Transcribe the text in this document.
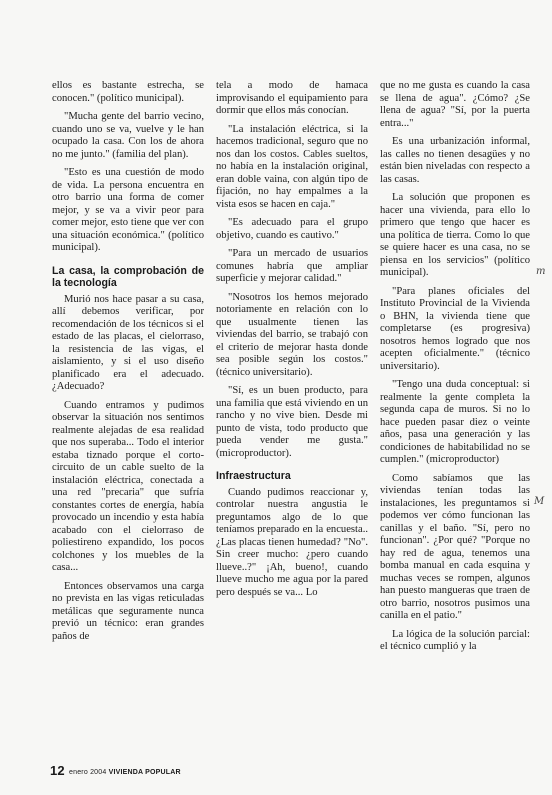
ellos es bastante estrecha, se conocen." (político municipal).

"Mucha gente del barrio vecino, cuando uno se va, vuelve y le han ocupado la casa. Con los de ahora no me junto." (familia del plan).

"Esto es una cuestión de modo de vida. La persona encuentra en otro barrio una forma de comer mejor, y se va a vivir peor para comer mejor, esto tiene que ver con una situación económica." (político municipal).

La casa, la comprobación de la tecnología

Murió nos hace pasar a su casa, allí debemos verificar, por recomendación de los técnicos si el estado de las placas, el cielorraso, la resistencia de las vigas, el aislamiento, y si el uso diseño planificado era el adecuado. ¿Adecuado?

Cuando entramos y pudimos observar la situación nos sentimos realmente alejadas de esa realidad que nos superaba... Todo el interior estaba tiznado porque el corto-circuito de un cable suelto de la instalación eléctrica, conectada a una red "precaria" que sufría constantes cortes de energía, había provocado un incendio y esta había acabado con el cielorraso de poliestireno expandido, los pocos colchones y los muebles de la casa...

Entonces observamos una carga no prevista en las vigas reticuladas metálicas que seguramente nunca previó un técnico: eran grandes paños de

tela a modo de hamaca improvisando el equipamiento para dormir que ellos más conocían.

"La instalación eléctrica, si la hacemos tradicional, seguro que no nos dan los costos. Cables sueltos, no había en la instalación original, eran doble vaina, con algún tipo de fijación, no hay empalmes a la vista esos se hacen en caja."

"Es adecuado para el grupo objetivo, cuando es cautivo."

"Para un mercado de usuarios comunes habría que ampliar superficie y mejorar calidad."

"Nosotros los hemos mejorado notoriamente en relación con lo que usualmente tienen las viviendas del barrio, se trabajó con el criterio de mejorar hasta donde sea posible según los costos." (técnico universitario).

"Sí, es un buen producto, para una familia que está viviendo en un rancho y no vive bien. Desde mi punto de vista, todo producto que pueda vender me gusta." (microproductor).

Infraestructura

Cuando pudimos reaccionar y, controlar nuestra angustia le preguntamos algo de lo que teníamos preparado en la encuesta.. ¿Las placas tienen humedad? "No". Sin creer mucho: ¿pero cuando llueve..?" ¡Ah, bueno!, cuando llueve mucho me agua por la pared pero después se va... Lo

que no me gusta es cuando la casa se llena de agua". ¿Cómo? ¿Se llena de agua? "Sí, por la puerta entra..."

Es una urbanización informal, las calles no tienen desagües y no están bien niveladas con respecto a las casas.

La solución que proponen es hacer una vivienda, para ello lo primero que tengo que hacer es una política de tierra. Como lo que se quiere hacer es una casa, no se piensa en los servicios" (político municipal).

"Para planes oficiales del Instituto Provincial de la Vivienda o BHN, la vivienda tiene que completarse (es progresiva) nosotros hemos logrado que nos acepten oficialmente." (técnico universitario).

"Tengo una duda conceptual: si realmente la gente completa la segunda capa de muros. Si no lo hace pueden pasar diez o veinte años, pasa una generación y las condiciones de habitabilidad no se cumplen." (microproductor)

Como sabíamos que las viviendas tenían todas las instalaciones, les preguntamos si podemos ver cómo funcionan las canillas y el baño. "Sí, pero no funcionan". ¿Por qué? "Porque no hay red de agua, tenemos una bomba manual en cada esquina y muchas veces se rompen, algunos han puesto mangueras que traen de otro barrio, nosotros pusimos una canilla en el patio."

La lógica de la solución parcial: el técnico cumplió y la

12 enero 2004 VIVIENDA POPULAR
m
M
